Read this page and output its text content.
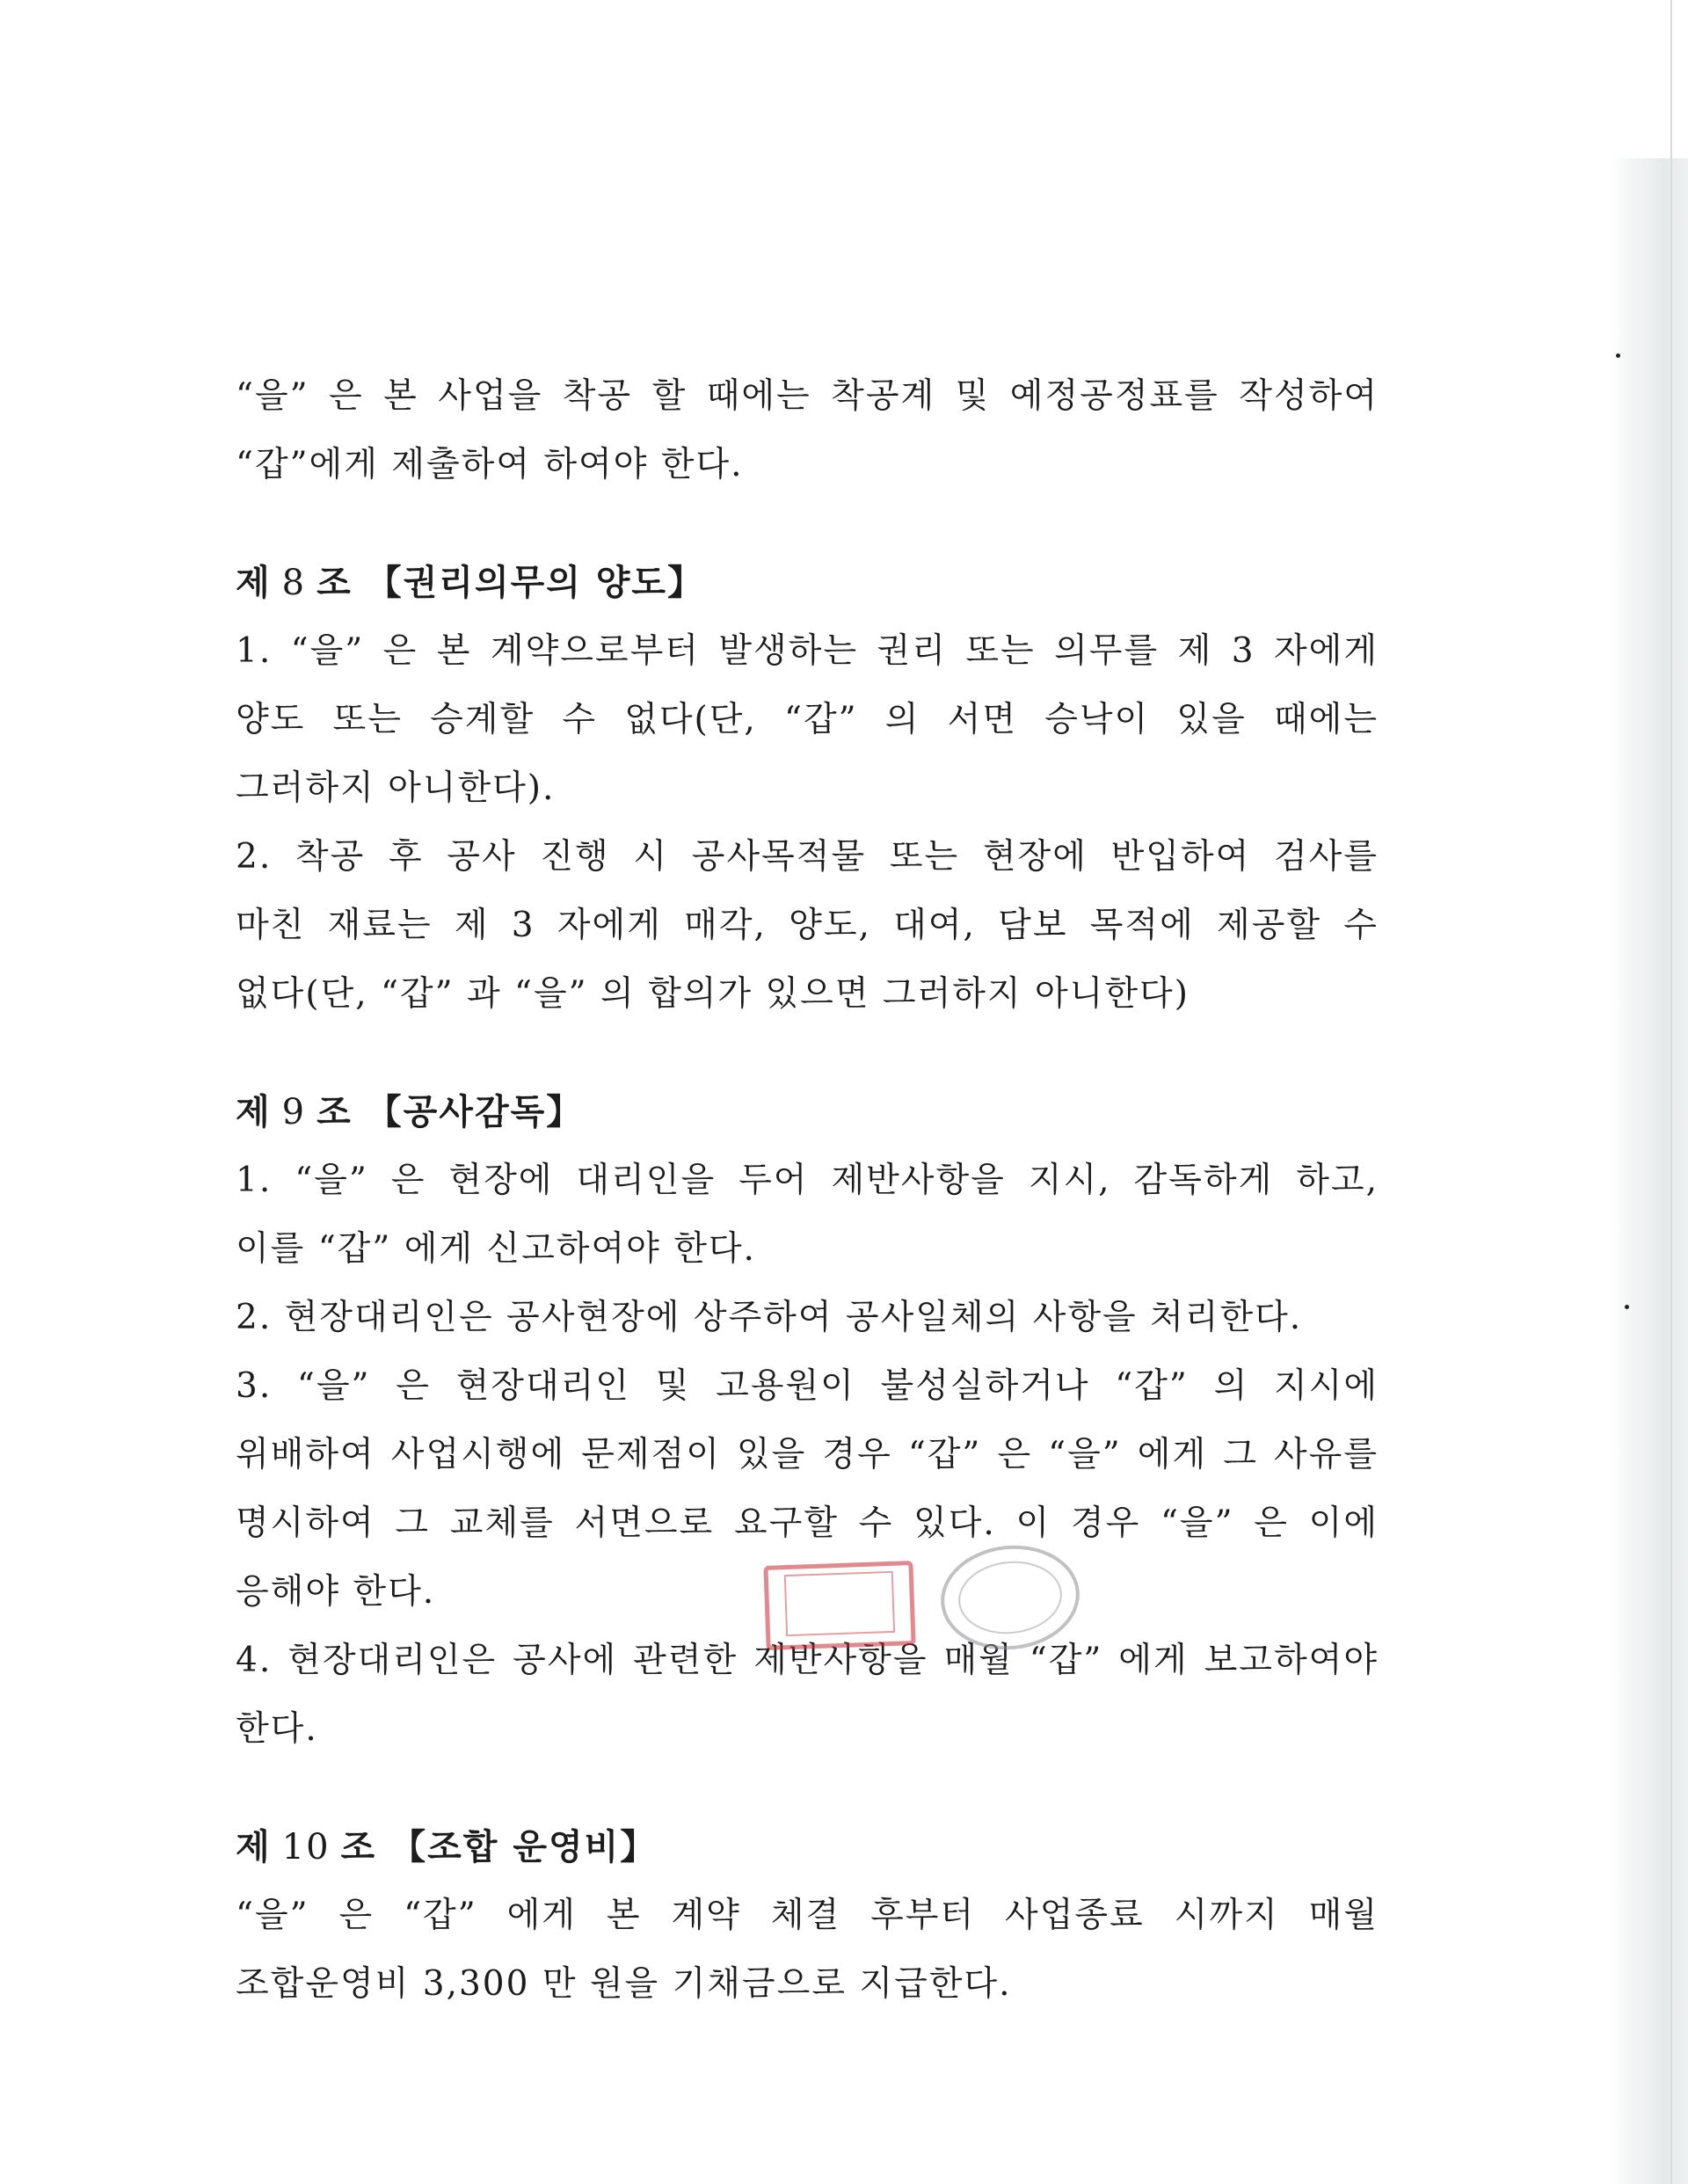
“을” 은 본 사업을 착공 할 때에는 착공계 및 예정공정표를 작성하여
“갑”에게 제출하여 하여야 한다.

제 8 조 【권리의무의 양도】

1. “을” 은 본 계약으로부터 발생하는 권리 또는 의무를 제 3 자에게
양도 또는 승계할 수 없다(단, “갑” 의 서면 승낙이 있을 때에는
그러하지 아니한다).

2. 착공 후 공사 진행 시 공사목적물 또는 현장에 반입하여 검사를
마친 재료는 제 3 자에게 매각, 양도, 대여, 담보 목적에 제공할 수
없다(단, “갑” 과 “을” 의 합의가 있으면 그러하지 아니한다)

제 9 조 【공사감독】

1. “을” 은 현장에 대리인을 두어 제반사항을 지시, 감독하게 하고,
이를 “갑” 에게 신고하여야 한다.

2. 현장대리인은 공사현장에 상주하여 공사일체의 사항을 처리한다.

3. “을” 은 현장대리인 및 고용원이 불성실하거나 “갑” 의 지시에
위배하여 사업시행에 문제점이 있을 경우 “갑” 은 “을” 에게 그 사유를
명시하여 그 교체를 서면으로 요구할 수 있다. 이 경우 “을” 은 이에
응해야 한다.

4. 현장대리인은 공사에 관련한 제반사항을 매월 “갑” 에게 보고하여야
한다.

제 10 조 【조합 운영비】

“을” 은 “갑” 에게 본 계약 체결 후부터 사업종료 시까지 매월
조합운영비 3,300 만 원을 기채금으로 지급한다.
